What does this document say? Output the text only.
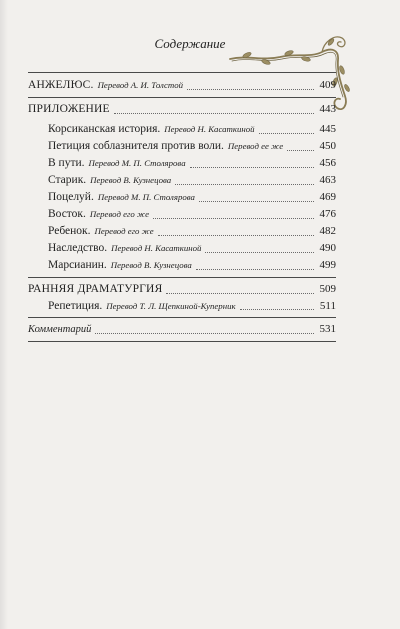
Содержание
АНЖЕЛЮС. Перевод А. И. Толстой	409
ПРИЛОЖЕНИЕ	443
Корсиканская история. Перевод Н. Касаткиной	445
Петиция соблазнителя против воли. Перевод ее же	450
В пути. Перевод М. П. Столярова	456
Старик. Перевод В. Кузнецова	463
Поцелуй. Перевод М. П. Столярова	469
Восток. Перевод его же	476
Ребенок. Перевод его же	482
Наследство. Перевод Н. Касаткиной	490
Марсианин. Перевод В. Кузнецова	499
РАННЯЯ ДРАМАТУРГИЯ	509
Репетиция. Перевод Т. Л. Щепкиной-Куперник	511
Комментарий	531
